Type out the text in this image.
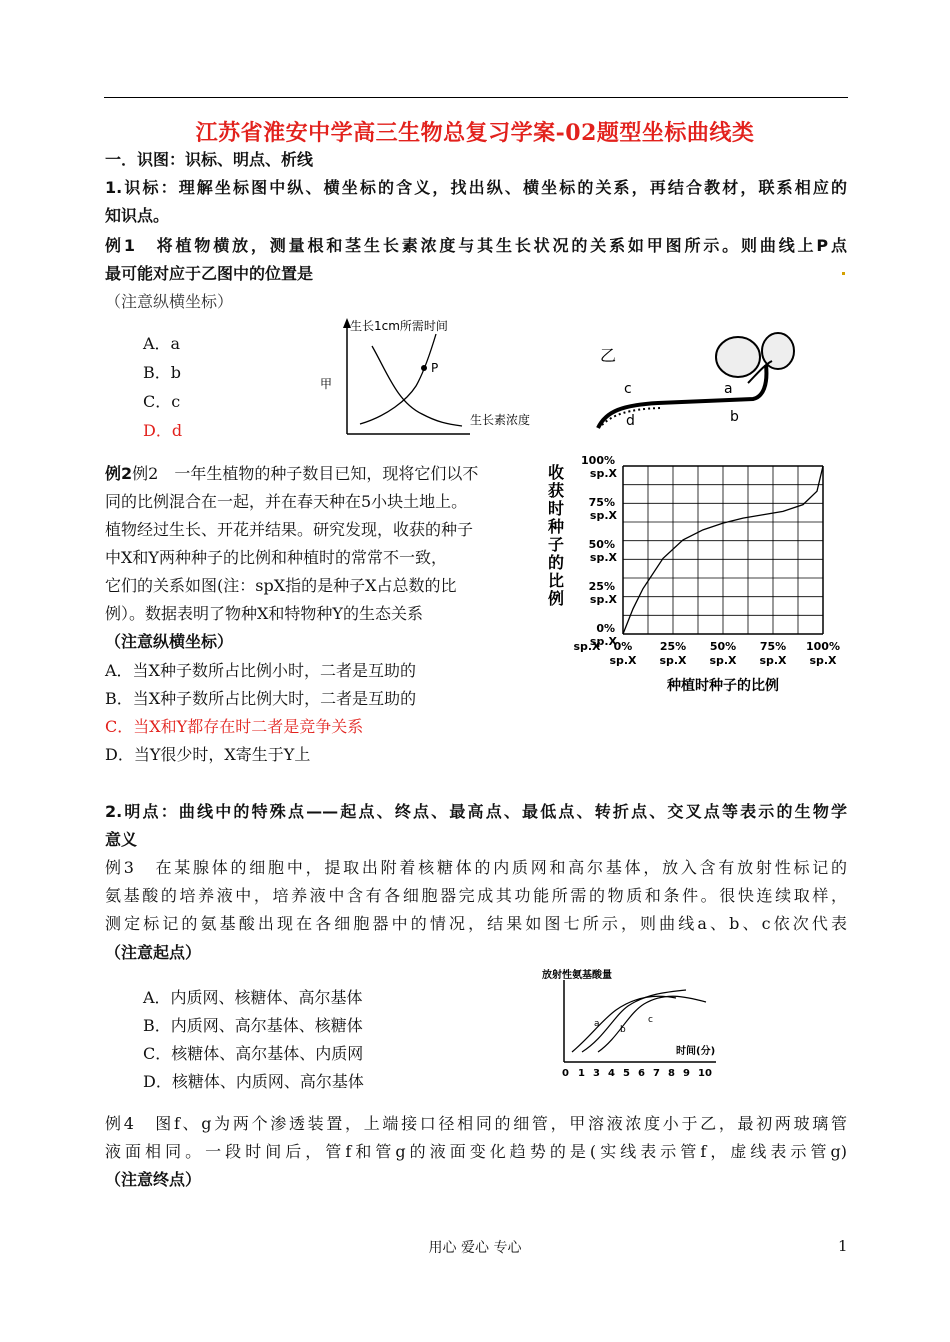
江苏省淮安中学高三生物总复习学案-02题型坐标曲线类
一．识图：识标、明点、析线
1.识标：理解坐标图中纵、横坐标的含义，找出纵、横坐标的关系，再结合教材，联系相应的
知识点。
例1　将植物横放，测量根和茎生长素浓度与其生长状况的关系如甲图所示。则曲线上P点
最可能对应于乙图中的位置是
（注意纵横坐标）
A．a
B．b
C．c
D．d
生长1cm所需时间
甲
生长素浓度
P
乙
c	a
b
d
例2例2　一年生植物的种子数目已知，现将它们以不
同的比例混合在一起，并在春天种在5小块土地上。
植物经过生长、开花并结果。研究发现，收获的种子
中X和Y两种种子的比例和种植时的常常不一致，
它们的关系如图(注：spX指的是种子X占总数的比
例）。数据表明了物种X和特物种Y的生态关系
（注意纵横坐标）
A．当X种子数所占比例小时，二者是互助的
B．当X种子数所占比例大时，二者是互助的
C．当X和Y都存在时二者是竞争关系
D．当Y很少时，X寄生于Y上
0%
sp.X
25%
sp.X
50%
sp.X
75%
sp.X
100%
sp.X
0%
sp.X
25%
sp.X
50%
sp.X
75%
sp.X
100%
sp.X
sp.X
收
获
时
种
子
的
比
例
种植时种子的比例
2.明点：曲线中的特殊点——起点、终点、最高点、最低点、转折点、交叉点等表示的生物学
意义
例3　在某腺体的细胞中，提取出附着核糖体的内质网和高尔基体，放入含有放射性标记的
氨基酸的培养液中，培养液中含有各细胞器完成其功能所需的物质和条件。很快连续取样，
测定标记的氨基酸出现在各细胞器中的情况，结果如图七所示，则曲线a、b、c依次代表
（注意起点）
A．内质网、核糖体、高尔基体
B．内质网、高尔基体、核糖体
C．核糖体、高尔基体、内质网
D．核糖体、内质网、高尔基体
放射性氨基酸量
时间(分)
a
b
c
0 1 3 4 5 6 7 8 9 10
例4　图f、g为两个渗透装置，上端接口径相同的细管，甲溶液浓度小于乙，最初两玻璃管
液面相同。一段时间后，管f和管g的液面变化趋势的是(实线表示管f，虚线表示管g)
（注意终点）
用心 爱心 专心	1
